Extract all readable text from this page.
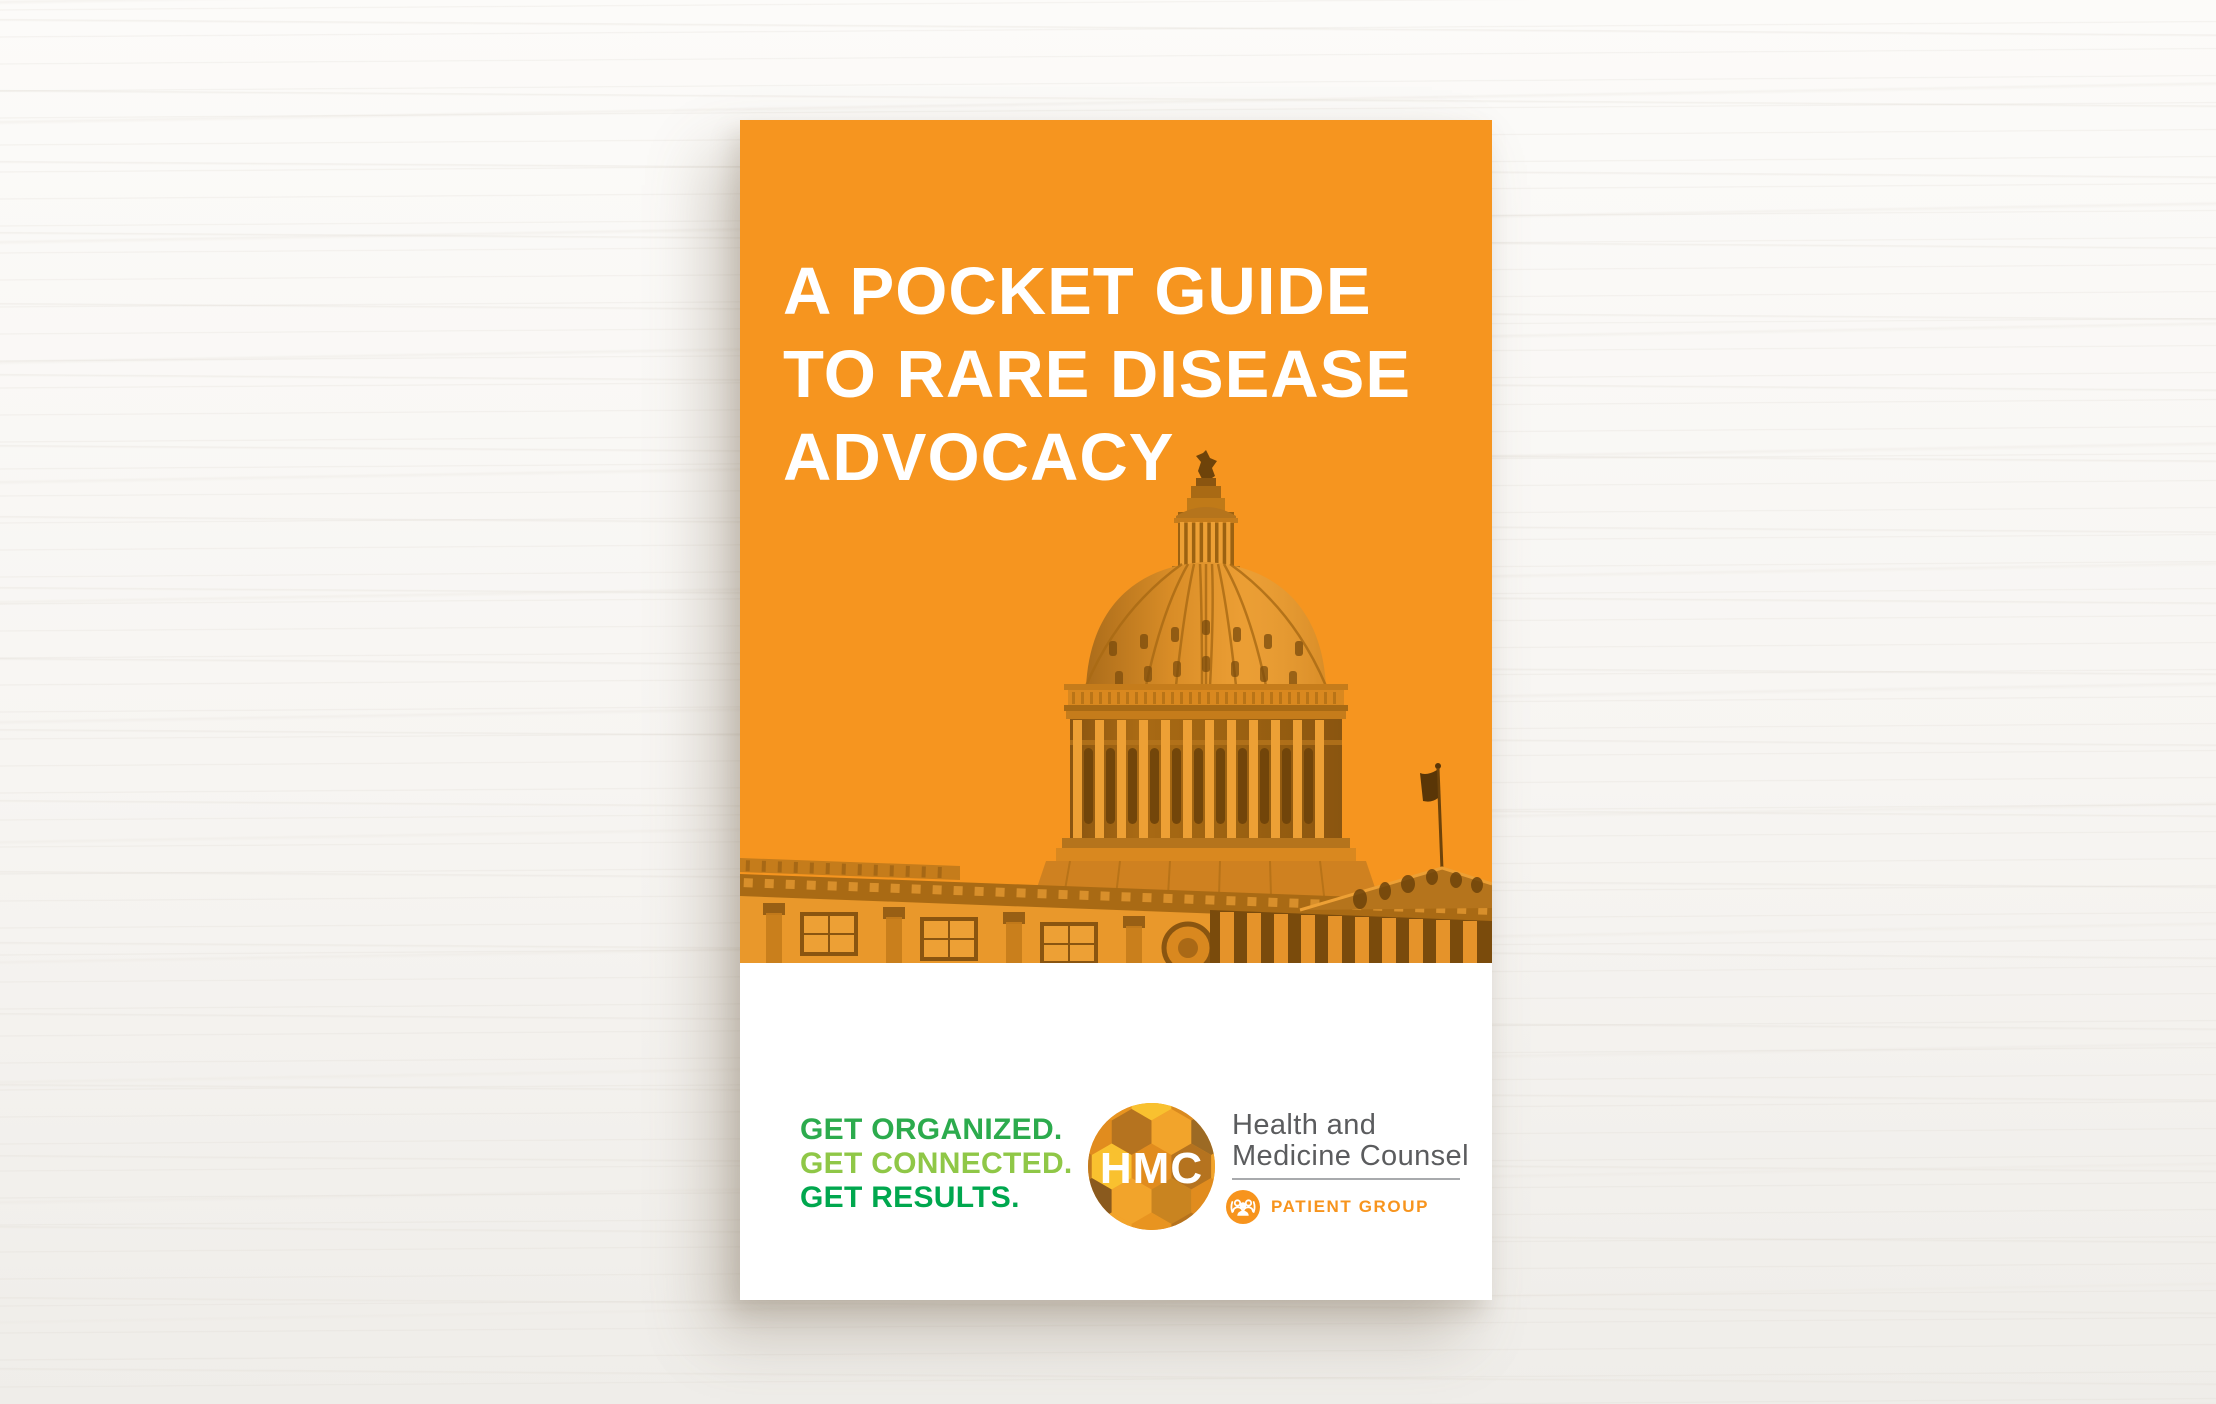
A POCKET GUIDE
TO RARE DISEASE
ADVOCACY
GET ORGANIZED.
GET CONNECTED.
GET RESULTS.
HMC
Health and
Medicine Counsel
PATIENT GROUP
